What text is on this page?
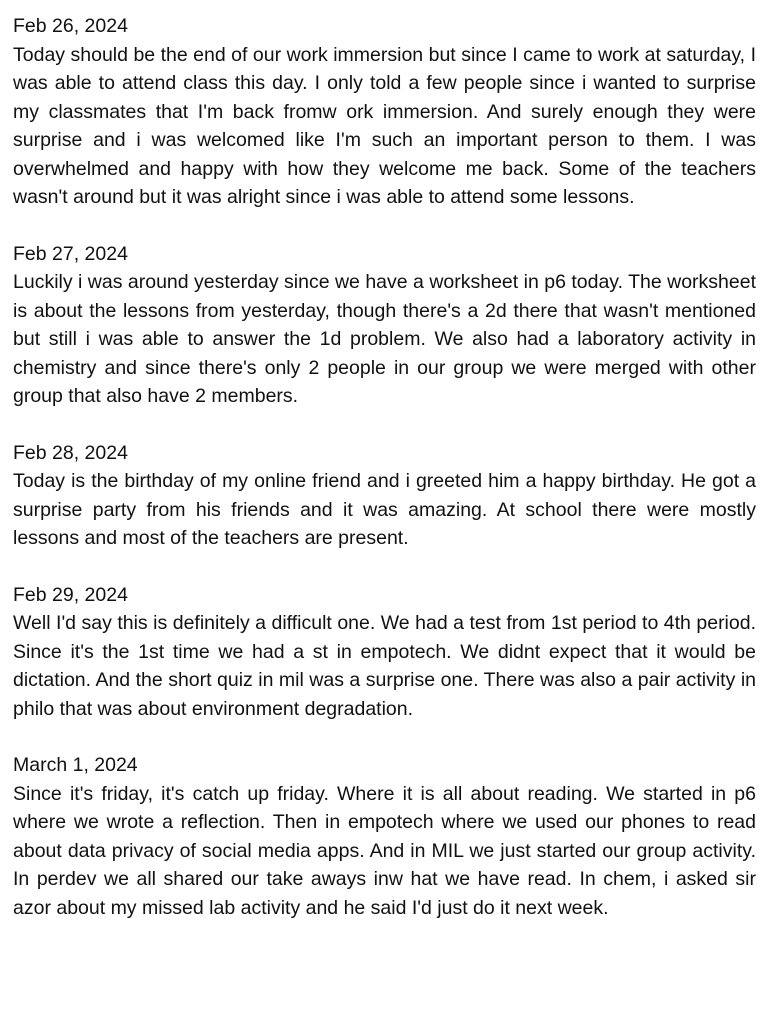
Feb 26, 2024

Today should be the end of our work immersion but since I came to work at saturday, I was able to attend class this day. I only told a few people since i wanted to surprise my classmates that I'm back fromw ork immersion. And surely enough they were surprise and i was welcomed like I'm such an important person to them. I was overwhelmed and happy with how they welcome me back. Some of the teachers wasn't around but it was alright since i was able to attend some lessons.

Feb 27, 2024

Luckily i was around yesterday since we have a worksheet in p6 today. The worksheet is about the lessons from yesterday, though there's a 2d there that wasn't mentioned but still i was able to answer the 1d problem. We also had a laboratory activity in chemistry and since there's only 2 people in our group we were merged with other group that also have 2 members.

Feb 28, 2024

Today is the birthday of my online friend and i greeted him a happy birthday. He got a surprise party from his friends and it was amazing. At school there were mostly lessons and most of the teachers are present.

Feb 29, 2024

Well I'd say this is definitely a difficult one. We had a test from 1st period to 4th period. Since it's the 1st time we had a st in empotech. We didnt expect that it would be dictation. And the short quiz in mil was a surprise one. There was also a pair activity in philo that was about environment degradation.

March 1, 2024

Since it's friday, it's catch up friday. Where it is all about reading. We started in p6 where we wrote a reflection. Then in empotech where we used our phones to read about data privacy of social media apps. And in MIL we just started our group activity. In perdev we all shared our take aways inw hat we have read. In chem, i asked sir azor about my missed lab activity and he said I'd just do it next week.
